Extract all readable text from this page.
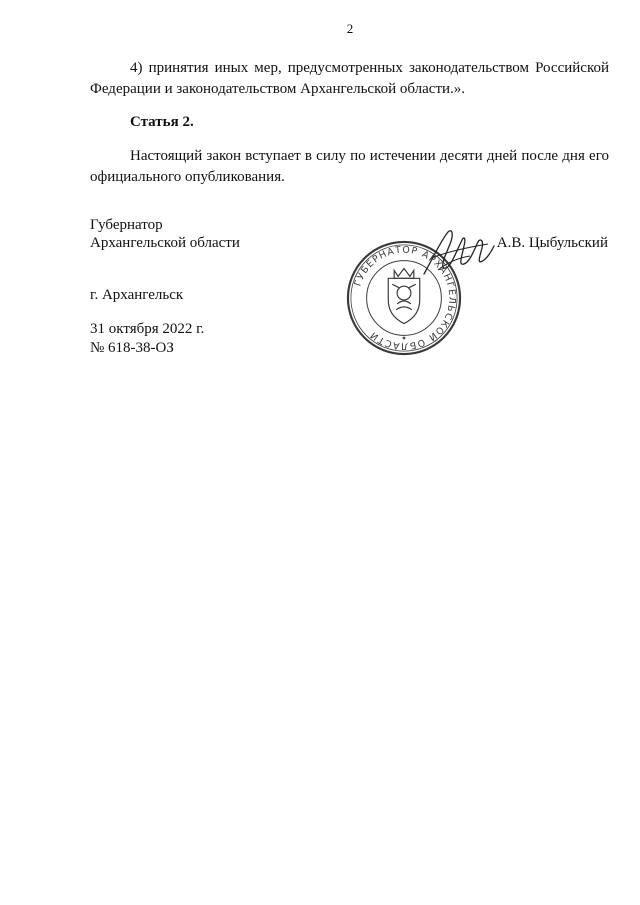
2

4) принятия иных мер, предусмотренных законодательством Российской Федерации и законодательством Архангельской области.».

Статья 2.

Настоящий закон вступает в силу по истечении десяти дней после дня его официального опубликования.

Губернатор

Архангельской области	А.В. Цыбульский

ГУБЕРНАТОР АРХАНГЕЛЬСКОЙ ОБЛАСТИ	✦

г. Архангельск

31 октября 2022 г.

№ 618-38-ОЗ
